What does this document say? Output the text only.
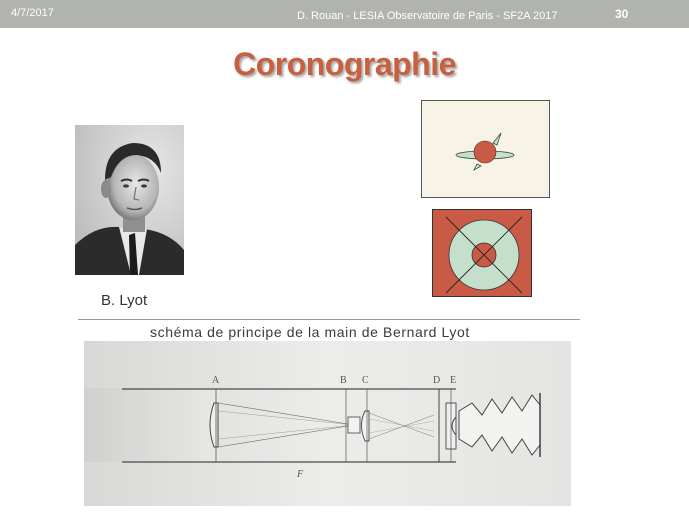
4/7/2017	D. Rouan - LESIA Observatoire de Paris - SF2A 2017	30
Coronographie
B. Lyot
schéma de principe de la main de Bernard Lyot
A	B C	D E
F
